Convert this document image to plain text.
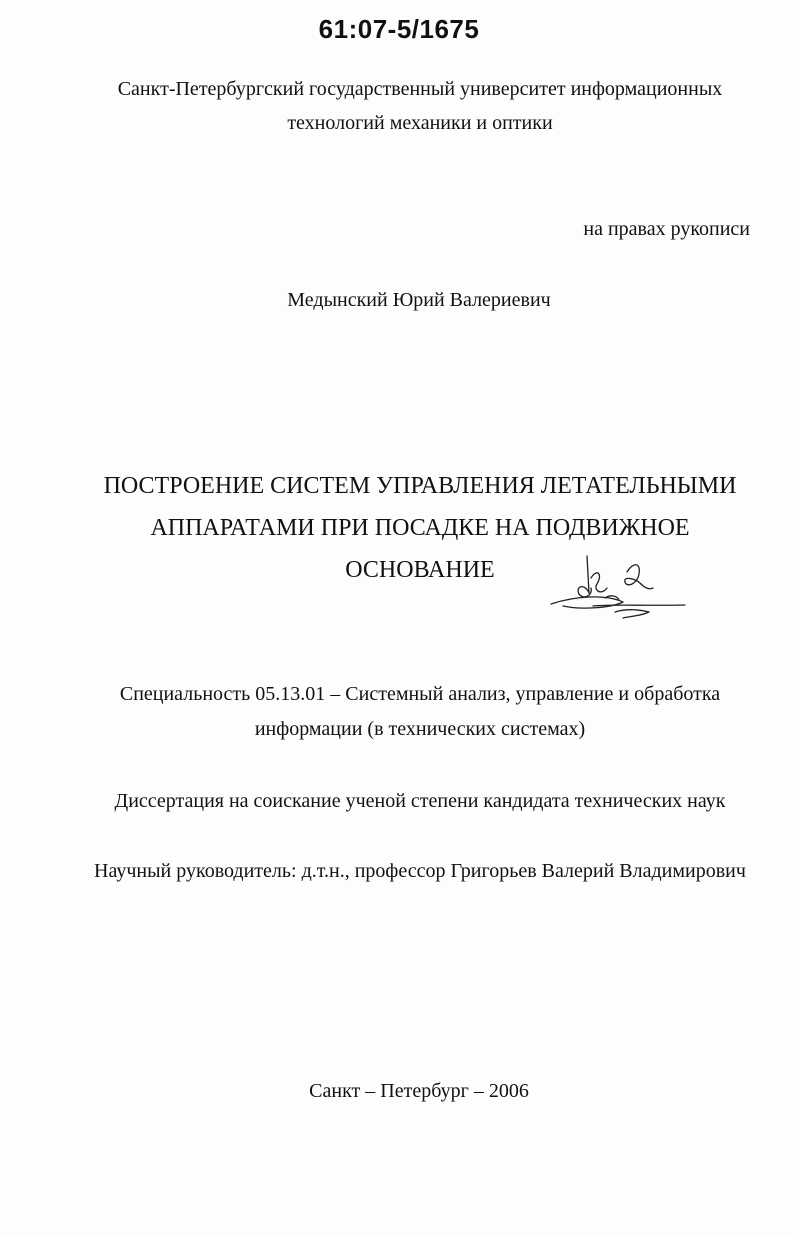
61:07-5/1675
Санкт-Петербургский государственный университет информационных
технологий механики и оптики
на правах рукописи
Медынский Юрий Валериевич
ПОСТРОЕНИЕ СИСТЕМ УПРАВЛЕНИЯ ЛЕТАТЕЛЬНЫМИ
АППАРАТАМИ ПРИ ПОСАДКЕ НА ПОДВИЖНОЕ
ОСНОВАНИЕ
Специальность 05.13.01 – Системный анализ, управление и обработка
информации (в технических системах)
Диссертация на соискание ученой степени кандидата технических наук
Научный руководитель: д.т.н., профессор Григорьев Валерий Владимирович
Санкт – Петербург – 2006
